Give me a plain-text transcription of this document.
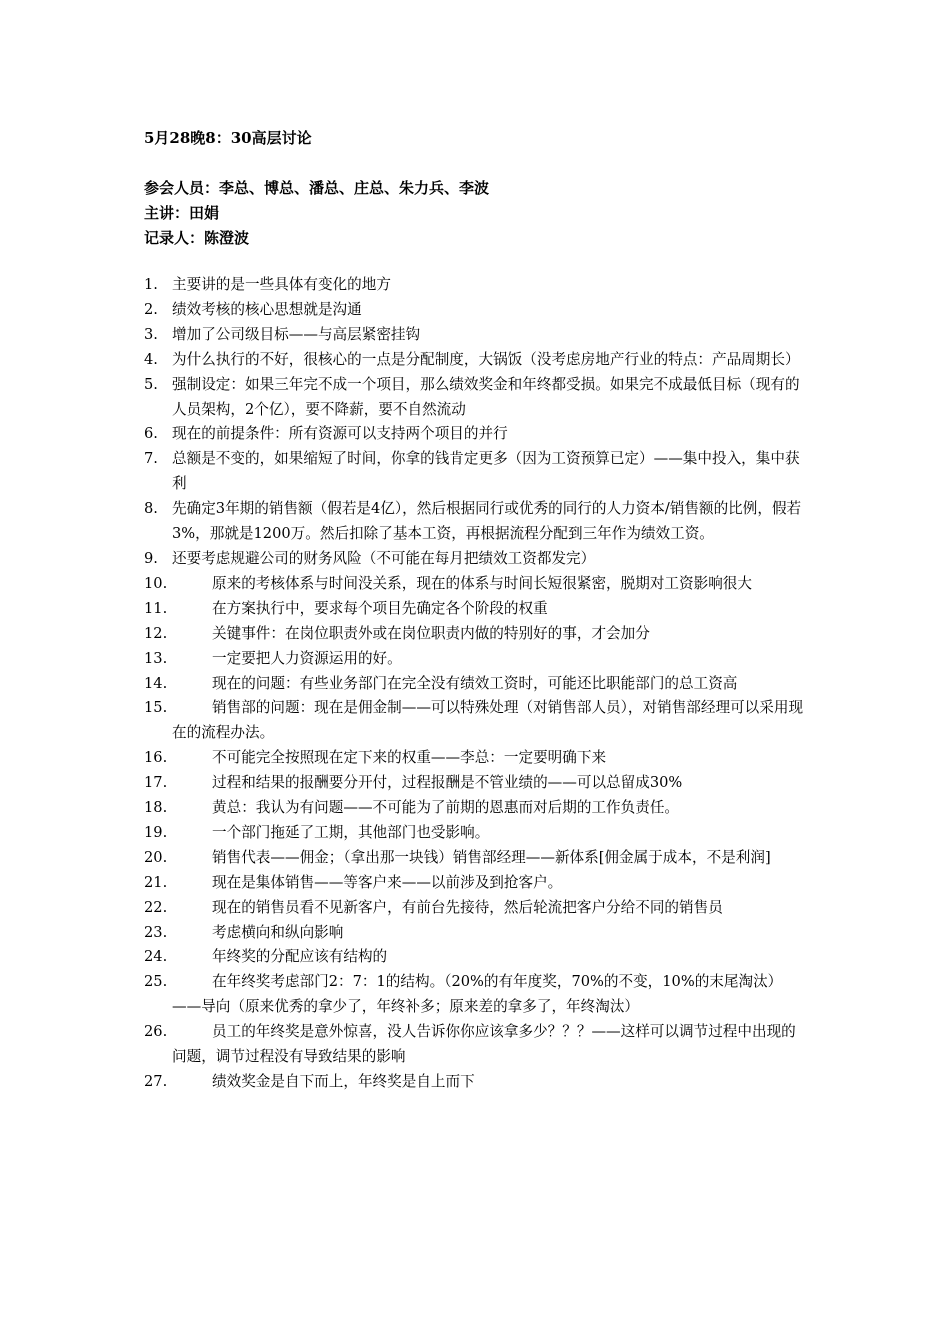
5月28晚8：30高层讨论
参会人员：李总、博总、潘总、庄总、朱力兵、李波
主讲：田娟
记录人：陈澄波
1. 主要讲的是一些具体有变化的地方
2. 绩效考核的核心思想就是沟通
3. 增加了公司级目标——与高层紧密挂钩
4. 为什么执行的不好，很核心的一点是分配制度，大锅饭（没考虑房地产行业的特点：产品周期长）
5. 强制设定：如果三年完不成一个项目，那么绩效奖金和年终都受损。如果完不成最低目标（现有的人员架构，2个亿），要不降薪，要不自然流动
6. 现在的前提条件：所有资源可以支持两个项目的并行
7. 总额是不变的，如果缩短了时间，你拿的钱肯定更多（因为工资预算已定）——集中投入，集中获利
8. 先确定3年期的销售额（假若是4亿），然后根据同行或优秀的同行的人力资本/销售额的比例，假若3%，那就是1200万。然后扣除了基本工资，再根据流程分配到三年作为绩效工资。
9. 还要考虑规避公司的财务风险（不可能在每月把绩效工资都发完）
10.	原来的考核体系与时间没关系，现在的体系与时间长短很紧密，脱期对工资影响很大
11.	在方案执行中，要求每个项目先确定各个阶段的权重
12.	关键事件：在岗位职责外或在岗位职责内做的特别好的事，才会加分
13.	一定要把人力资源运用的好。
14.	现在的问题：有些业务部门在完全没有绩效工资时，可能还比职能部门的总工资高
15.	销售部的问题：现在是佣金制——可以特殊处理（对销售部人员），对销售部经理可以采用现在的流程办法。
16.	不可能完全按照现在定下来的权重——李总：一定要明确下来
17.	过程和结果的报酬要分开付，过程报酬是不管业绩的——可以总留成30%
18.	黄总：我认为有问题——不可能为了前期的恩惠而对后期的工作负责任。
19.	一个部门拖延了工期，其他部门也受影响。
20.	销售代表——佣金；（拿出那一块钱）销售部经理——新体系[佣金属于成本，不是利润]
21.	现在是集体销售——等客户来——以前涉及到抢客户。
22.	现在的销售员看不见新客户，有前台先接待，然后轮流把客户分给不同的销售员
23.	考虑横向和纵向影响
24.	年终奖的分配应该有结构的
25.	在年终奖考虑部门2：7：1的结构。（20%的有年度奖，70%的不变，10%的末尾淘汰）——导向（原来优秀的拿少了，年终补多；原来差的拿多了，年终淘汰）
26.	员工的年终奖是意外惊喜，没人告诉你你应该拿多少？？？——这样可以调节过程中出现的问题，调节过程没有导致结果的影响
27.	绩效奖金是自下而上，年终奖是自上而下
